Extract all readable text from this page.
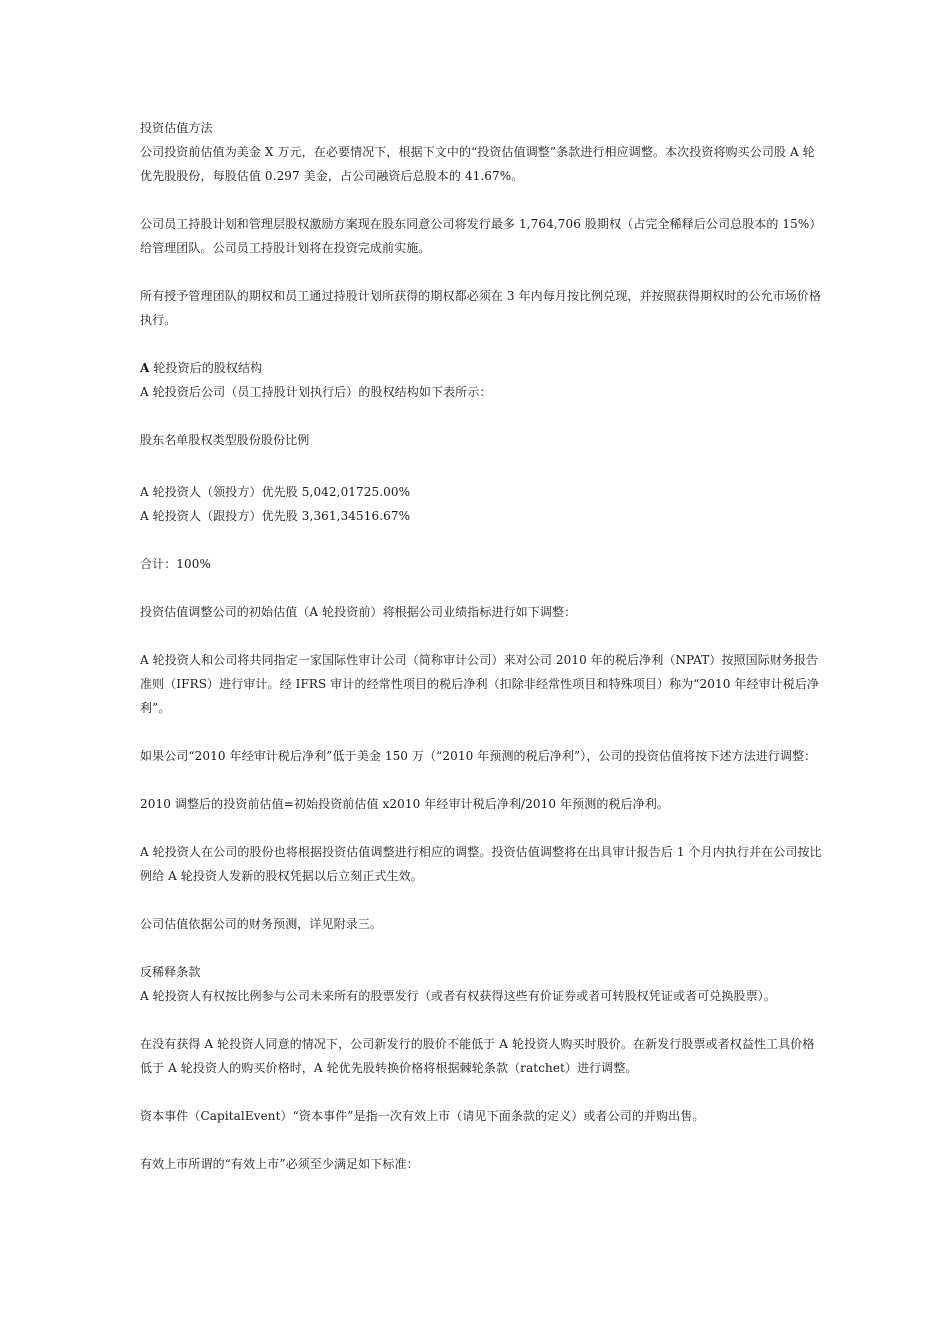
投资估值方法

公司投资前估值为美金 X 万元，在必要情况下，根据下文中的“投资估值调整”条款进行相应调整。本次投资将购买公司股 A 轮优先股股份，每股估值 0.297 美金，占公司融资后总股本的 41.67%。

公司员工持股计划和管理层股权激励方案现在股东同意公司将发行最多 1,764,706 股期权（占完全稀释后公司总股本的 15%）给管理团队。公司员工持股计划将在投资完成前实施。

所有授予管理团队的期权和员工通过持股计划所获得的期权都必须在 3 年内每月按比例兑现，并按照获得期权时的公允市场价格执行。

A 轮投资后的股权结构

A 轮投资后公司（员工持股计划执行后）的股权结构如下表所示：

股东名单股权类型股份股份比例

A 轮投资人（领投方）优先股 5,042,01725.00%

A 轮投资人（跟投方）优先股 3,361,34516.67%

合计：100%

投资估值调整公司的初始估值（A 轮投资前）将根据公司业绩指标进行如下调整：

A 轮投资人和公司将共同指定一家国际性审计公司（简称审计公司）来对公司 2010 年的税后净利（NPAT）按照国际财务报告准则（IFRS）进行审计。经 IFRS 审计的经常性项目的税后净利（扣除非经常性项目和特殊项目）称为“2010 年经审计税后净利”。

如果公司“2010 年经审计税后净利”低于美金 150 万（“2010 年预测的税后净利”），公司的投资估值将按下述方法进行调整：

2010 调整后的投资前估值=初始投资前估值 x2010 年经审计税后净利/2010 年预测的税后净利。

A 轮投资人在公司的股份也将根据投资估值调整进行相应的调整。投资估值调整将在出具审计报告后 1 个月内执行并在公司按比例给 A 轮投资人发新的股权凭据以后立刻正式生效。

公司估值依据公司的财务预测，详见附录三。

反稀释条款

A 轮投资人有权按比例参与公司未来所有的股票发行（或者有权获得这些有价证券或者可转股权凭证或者可兑换股票）。

在没有获得 A 轮投资人同意的情况下，公司新发行的股价不能低于 A 轮投资人购买时股价。在新发行股票或者权益性工具价格低于 A 轮投资人的购买价格时，A 轮优先股转换价格将根据棘轮条款（ratchet）进行调整。

资本事件（CapitalEvent）“资本事件”是指一次有效上市（请见下面条款的定义）或者公司的并购出售。

有效上市所谓的“有效上市”必须至少满足如下标准：
